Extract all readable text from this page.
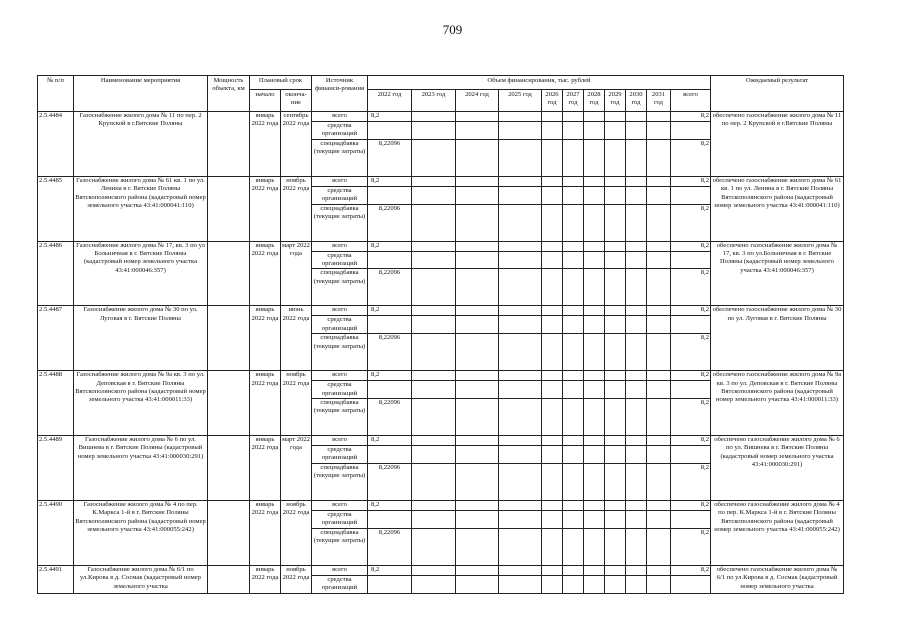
709
№ п/п	Наименование мероприятия	Мощность объекта, км	Плановый срок		Источник финанси-рования	Объем финансирования, тыс. рублей											Ожидаемый результат
			начало	оконча-ние		2022 год	2023 год	2024 год	2025 год	2026 год	2027 год	2028 год	2029 год	2030 год	2031 год	всего	
2.5.4484	Газоснабжение жилого дома № 11 по пер. 2 Крупской в г.Вятские Поляны		январь 2022 года	сентябрь 2022 года	всего	8,2										8,2	обеспечено газоснабжение жилого дома № 11 по пер. 2 Крупской в г.Вятские Поляны
					средства организаций												
					спецнадбавка (текущие затраты)	8,22096										8,2	
2.5.4485	Газоснабжение жилого дома № 61 кв. 1 по ул. Ленина в г. Вятские Поляны Вятскополянского района (кадастровый номер земельного участка 43:41:000041:110)		январь 2022 года	ноябрь 2022 года	всего	8,2										8,2	обеспечено газоснабжение жилого дома № 61 кв. 1 по ул. Ленина в г. Вятские Поляны Вятскополянского района (кадастровый номер земельного участка 43:41:000041:110)
					средства организаций												
					спецнадбавка (текущие затраты)	8,22096										8,2	
2.5.4486	Газоснабжение жилого дома № 17, кв. 3 по ул Больничная в г. Вятские Поляны (кадастровый номер земельного участка 43:41:000046:357)		январь 2022 года	март 2022 года	всего	8,2										8,2	обеспечено газоснабжение жилого дома № 17, кв. 3 по ул.Больничная в г. Вятские Поляны (кадастровый номер земельного участка 43:41:000046:357)
					средства организаций												
					спецнадбавка (текущие затраты)	8,22096										8,2	
2.5.4487	Газоснабжение жилого дома № 30 по ул. Луговая в г. Вятские Поляны		январь 2022 года	июнь 2022 года	всего	8,2										8,2	обеспечено газоснабжение жилого дома № 30 по ул. Луговая в г. Вятские Поляны
					средства организаций												
					спецнадбавка (текущие затраты)	8,22096										8,2	
2.5.4488	Газоснабжение жилого дома № 9а кв. 3 по ул. Деповская в г. Вятские Поляны Вятскополянского района (кадастровый номер земельного участка 43:41:000011:33)		январь 2022 года	ноябрь 2022 года	всего	8,2										8,2	обеспечено газоснабжение жилого дома № 9а кв. 3 по ул. Деповская в г. Вятские Поляны Вятскополянского района (кадастровый номер земельного участка 43:41:000011:33)
					средства организаций												
					спецнадбавка (текущие затраты)	8,22096										8,2	
2.5.4489	Газоснабжение жилого дома № 6 по ул. Вишнева в г. Вятские Поляны (кадастровый номер земельного участка 43:41:000030:291)		январь 2022 года	март 2022 года	всего	8,2										8,2	обеспечено газоснабжение жилого дома № 6 по ул. Вишнева в г. Вятские Поляны (кадастровый номер земельного участка 43:41:000030:291)
					средства организаций												
					спецнадбавка (текущие затраты)	8,22096										8,2	
2.5.4490	Газоснабжение жилого дома № 4 по пер. К.Маркса 1-й в г. Вятские Поляны Вятскополянского района (кадастровый номер земельного участка 43:41:000055:242)		январь 2022 года	ноябрь 2022 года	всего	8,2										8,2	обеспечено газоснабжение жилого дома № 4 по пер. К.Маркса 1-й в г. Вятские Поляны Вятскополянского района (кадастровый номер земельного участка 43:41:000055:242)
					средства организаций												
					спецнадбавка (текущие затраты)	8,22096										8,2	
2.5.4491	Газоснабжение жилого дома № 6/1 по ул.Кирова в д. Сосмак (кадастровый номер земельного участка		январь 2022 года	ноябрь 2022 года	всего	8,2										8,2	обеспечено газоснабжение жилого дома № 6/1 по ул.Кирова в д. Сосмак (кадастровый номер земельного участка
					средства организаций												
